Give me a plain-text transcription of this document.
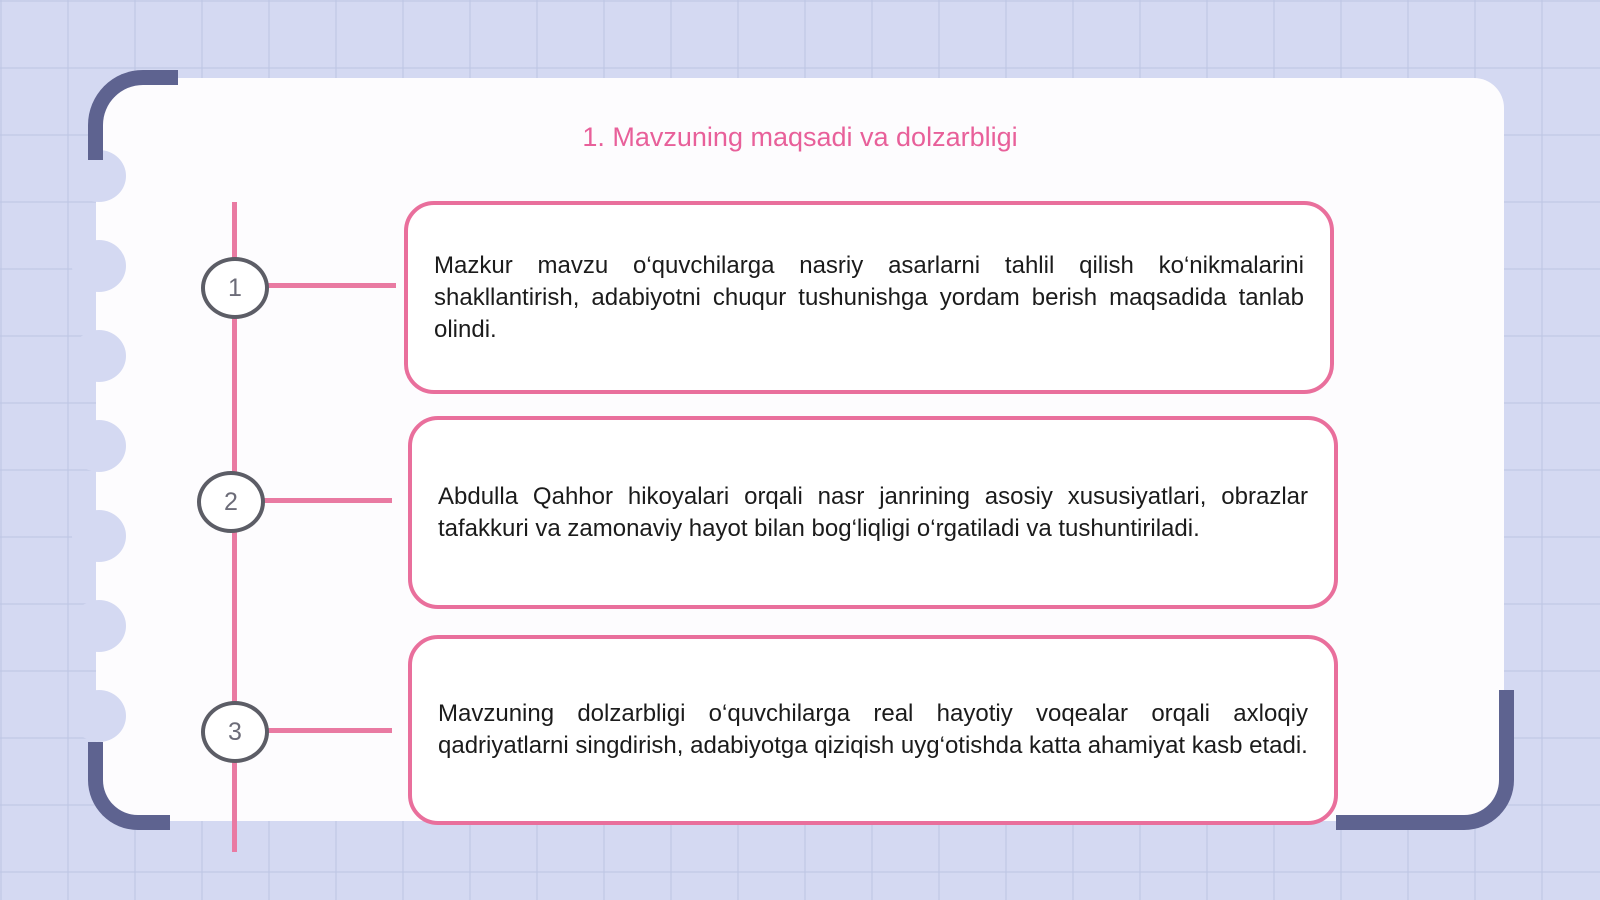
1. Mavzuning maqsadi va dolzarbligi
1
2
3

Mazkur mavzu o‘quvchilarga nasriy asarlarni tahlil qilish ko‘nikmalarini shakllantirish, adabiyotni chuqur tushunishga yordam berish maqsadida tanlab olindi.

Abdulla Qahhor hikoyalari orqali nasr janrining asosiy xususiyatlari, obrazlar tafakkuri va zamonaviy hayot bilan bog‘liqligi o‘rgatiladi va tushuntiriladi.

Mavzuning dolzarbligi o‘quvchilarga real hayotiy voqealar orqali axloqiy qadriyatlarni singdirish, adabiyotga qiziqish uyg‘otishda katta ahamiyat kasb etadi.
